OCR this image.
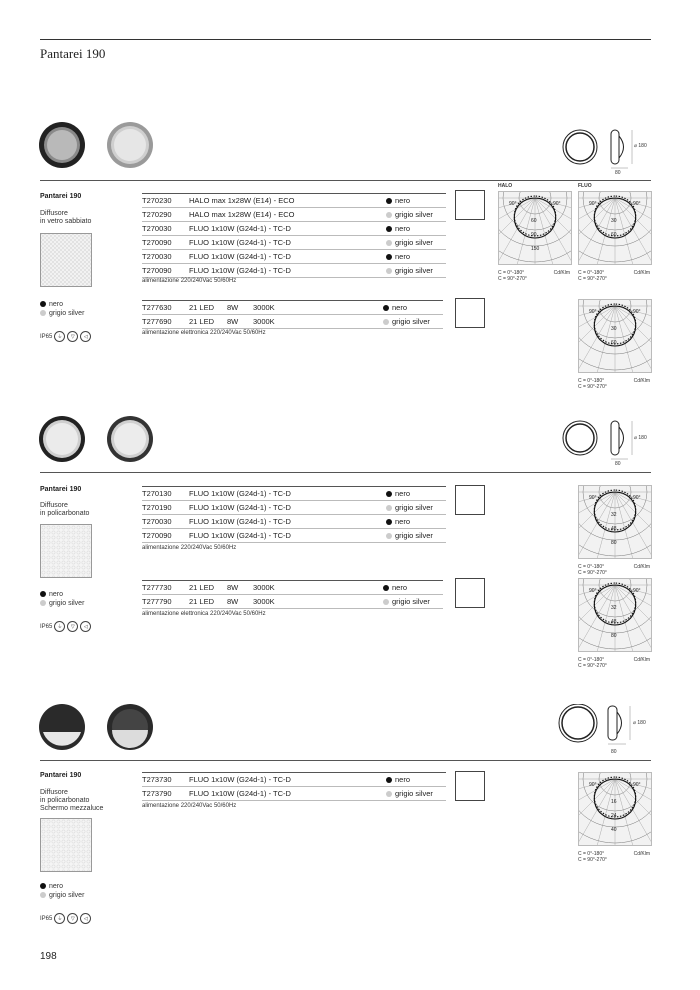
Pantarei 190
⌀ 180
80
Pantarei 190
Diffusore
in vetro sabbiato
nero
grigio silver
IP65 ⏚	▽	◁
T270230	HALO max 1x28W (E14) - ECO	nero
T270290	HALO max 1x28W (E14) - ECO	grigio silver
T270030	FLUO 1x10W (G24d-1) - TC-D	nero
T270090	FLUO 1x10W (G24d-1) - TC-D	grigio silver
T270030	FLUO 1x10W (G24d-1) - TC-D	nero
T270090	FLUO 1x10W (G24d-1) - TC-D	grigio silver
alimentazione 220/240Vac 50/60Hz
T277630	21 LED	8W	3000K	nero
T277690	21 LED	8W	3000K	grigio silver
alimentazione elettronica 220/240Vac 50/60Hz
⌀ 180
80
Pantarei 190
Diffusore
in policarbonato
nero
grigio silver
IP65 ⏚	▽	◁
T270130	FLUO 1x10W (G24d-1) - TC-D	nero
T270190	FLUO 1x10W (G24d-1) - TC-D	grigio silver
T270030	FLUO 1x10W (G24d-1) - TC-D	nero
T270090	FLUO 1x10W (G24d-1) - TC-D	grigio silver
alimentazione 220/240Vac 50/60Hz
T277730	21 LED	8W	3000K	nero
T277790	21 LED	8W	3000K	grigio silver
alimentazione elettronica 220/240Vac 50/60Hz
⌀ 180
80
Pantarei 190
Diffusore
in policarbonato
Schermo mezzaluce
nero
grigio silver
IP65 ⏚	▽	◁
T273730	FLUO 1x10W (G24d-1) - TC-D	nero
T273790	FLUO 1x10W (G24d-1) - TC-D	grigio silver
alimentazione 220/240Vac 50/60Hz
HALO
90°	90°
60
90
150
C = 0°-180°	Cd/Klm
C = 90°-270°
FLUO
90°	90°
30
60
C = 0°-180°	Cd/Klm
C = 90°-270°
90°	90°
30
60
C = 0°-180°	Cd/Klm
C = 90°-270°
90°	90°
32
48
80
C = 0°-180°	Cd/Klm
C = 90°-270°
90°	90°
32
48
80
C = 0°-180°	Cd/Klm
C = 90°-270°
90°	90°
16
24
40
C = 0°-180°	Cd/Klm
C = 90°-270°
198
